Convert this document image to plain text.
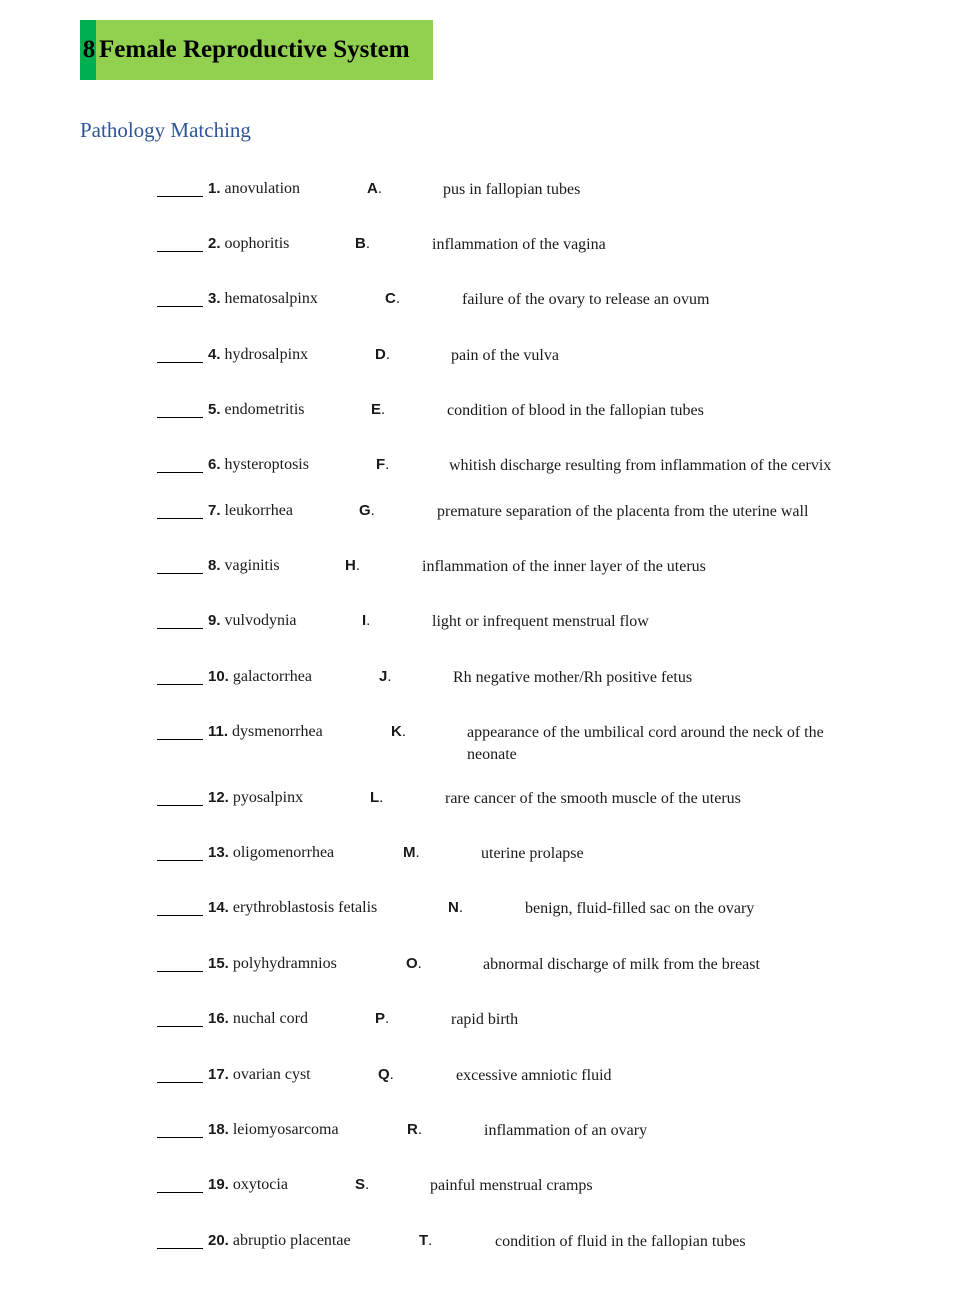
8 Female Reproductive System
Pathology Matching
1. anovulation	A.	pus in fallopian tubes
2. oophoritis	B.	inflammation of the vagina
3. hematosalpinx	C.	failure of the ovary to release an ovum
4. hydrosalpinx	D.	pain of the vulva
5. endometritis	E.	condition of blood in the fallopian tubes
6. hysteroptosis	F.	whitish discharge resulting from inflammation of the cervix
7. leukorrhea	G.	premature separation of the placenta from the uterine wall
8. vaginitis	H.	inflammation of the inner layer of the uterus
9. vulvodynia	I.	light or infrequent menstrual flow
10. galactorrhea	J.	Rh negative mother/Rh positive fetus
11. dysmenorrhea	K.	appearance of the umbilical cord around the neck of the neonate
12. pyosalpinx	L.	rare cancer of the smooth muscle of the uterus
13. oligomenorrhea	M.	uterine prolapse
14. erythroblastosis fetalis	N.	benign, fluid-filled sac on the ovary
15. polyhydramnios	O.	abnormal discharge of milk from the breast
16. nuchal cord	P.	rapid birth
17. ovarian cyst	Q.	excessive amniotic fluid
18. leiomyosarcoma	R.	inflammation of an ovary
19. oxytocia	S.	painful menstrual cramps
20. abruptio placentae	T.	condition of fluid in the fallopian tubes
